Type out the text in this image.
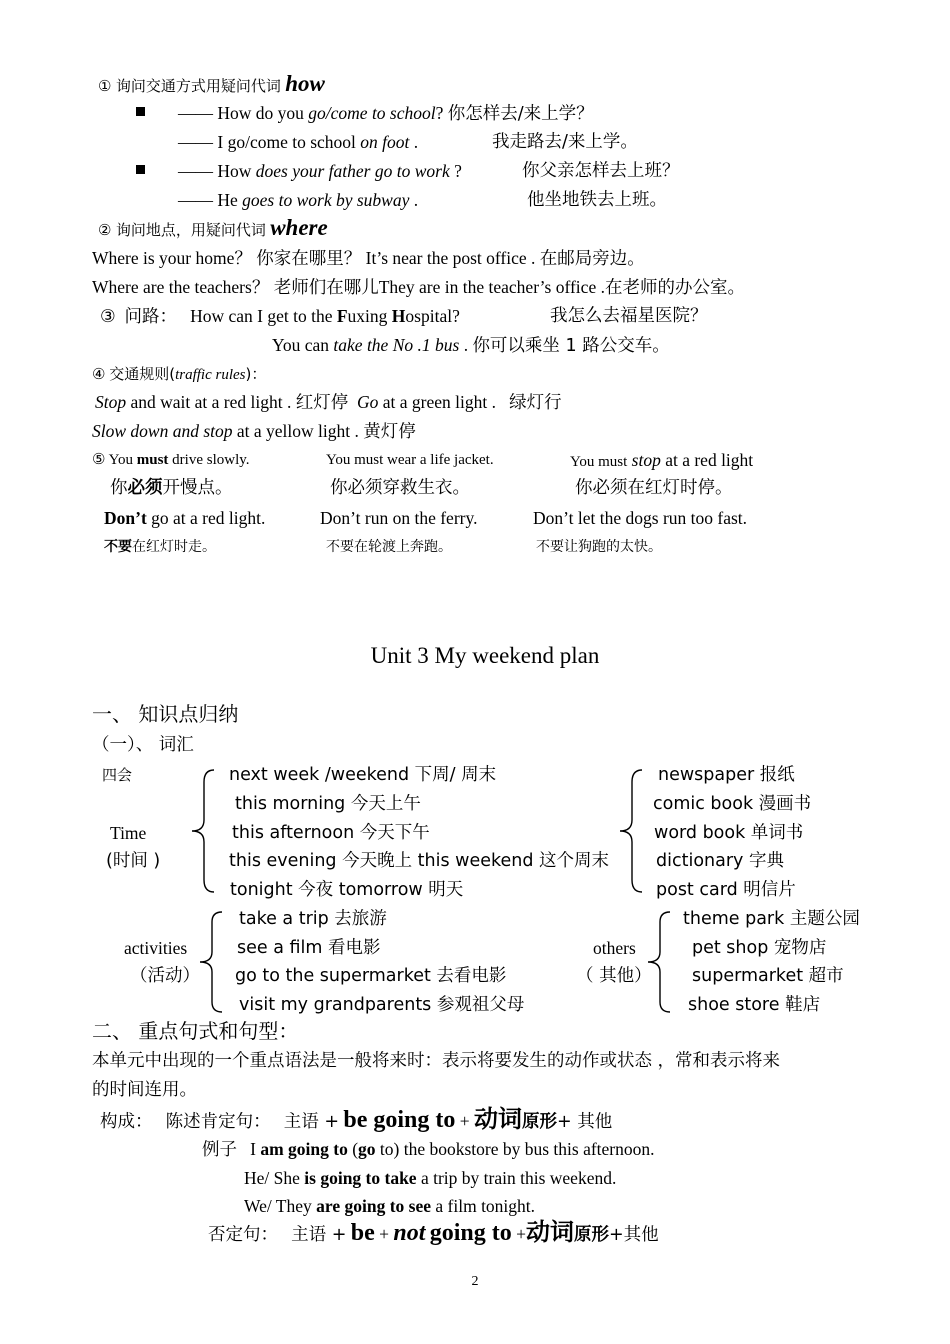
① 询问交通方式用疑问代词 how
—— How do you go/come to school? 你怎样去/来上学？
—— I go/come to school on foot .	我走路去/来上学。
—— How does your father go to work ?	你父亲怎样去上班？
—— He goes to work by subway .	他坐地铁去上班。
② 询问地点，用疑问代词 where
Where is your home？ 你家在哪里？ It’s near the post office . 在邮局旁边。
Where are the teachers？ 老师们在哪儿They are in the teacher’s office .在老师的办公室。
③ 问路： How can I get to the Fuxing Hospital?	我怎么去福星医院？
You can take the No .1 bus . 你可以乘坐 1 路公交车。
④ 交通规则(traffic rules)：
Stop and wait at a red light . 红灯停 Go at a green light . 绿灯行
Slow down and stop at a yellow light . 黄灯停
⑤ You must drive slowly.	You must wear a life jacket.	You must stop at a red light
你必须开慢点。	你必须穿救生衣。	你必须在红灯时停。
Don’t go at a red light.	Don’t run on the ferry.	Don’t let the dogs run too fast.
不要在红灯时走。	不要在轮渡上奔跑。	不要让狗跑的太快。
Unit 3 My weekend plan
一、 知识点归纳
（一）、 词汇
四会
Time
(时间 )
next week /weekend 下周/ 周末
this morning 今天上午
this afternoon 今天下午
this evening 今天晚上 this weekend 这个周末
tonight 今夜 tomorrow 明天
newspaper 报纸
comic book 漫画书
word book 单词书
dictionary 字典
post card 明信片
activities
（活动）
take a trip 去旅游
see a film 看电影
go to the supermarket 去看电影
visit my grandparents 参观祖父母
others
（ 其他）
theme park 主题公园
pet shop 宠物店
supermarket 超市
shoe store 鞋店
二、 重点句式和句型：
本单元中出现的一个重点语法是一般将来时：表示将要发生的动作或状态 ，常和表示将来
的时间连用。
构成： 陈述肯定句： 主语 + be going to + 动词原形+ 其他
例子 I am going to (go to) the bookstore by bus this afternoon.
He/ She is going to take a trip by train this weekend.
We/ They are going to see a film tonight.
否定句： 主语 + be + not going to +动词原形+其他
2
